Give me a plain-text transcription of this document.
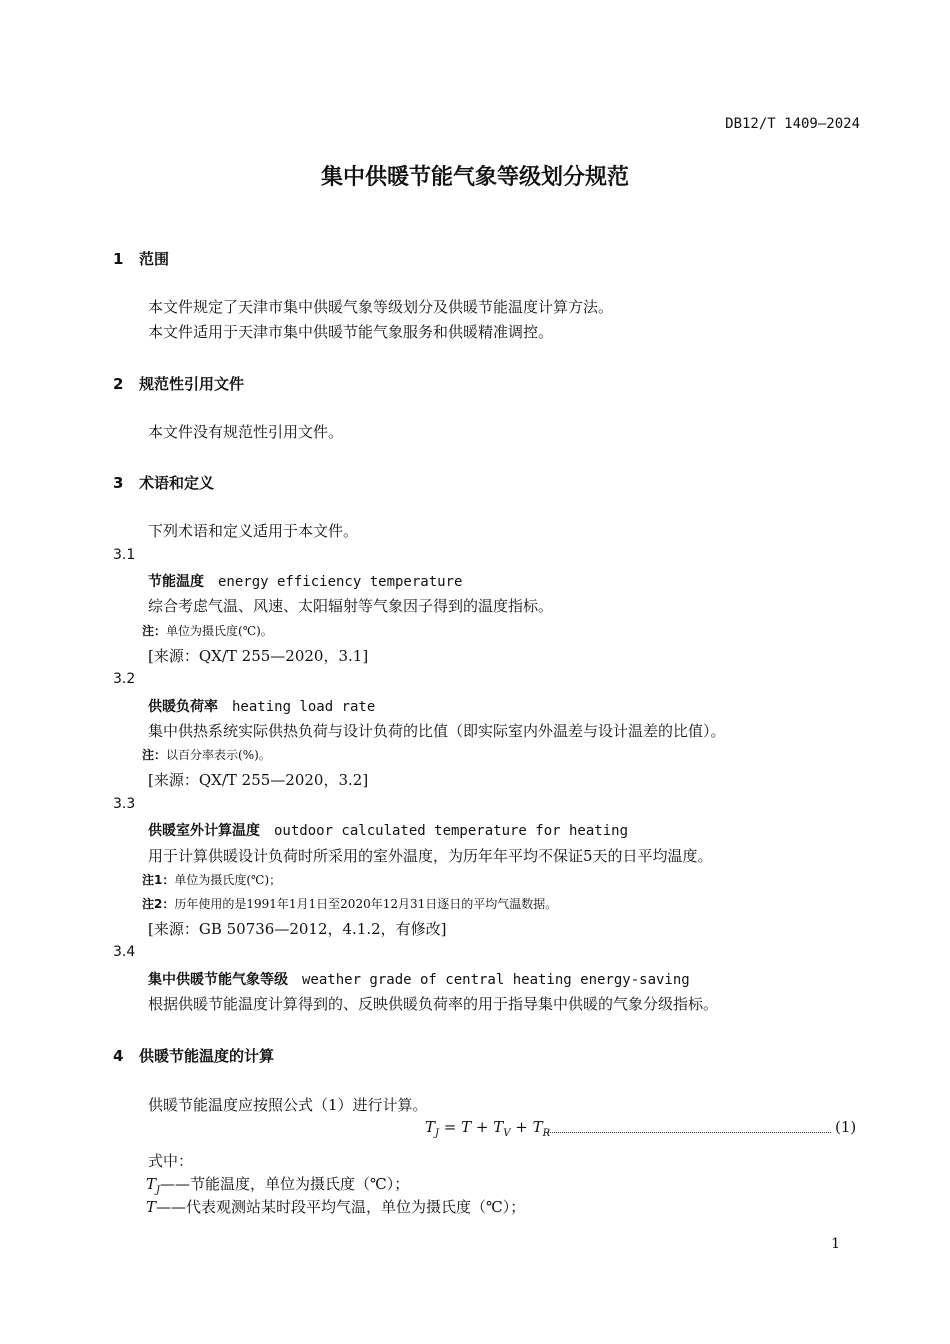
DB12/T 1409—2024
集中供暖节能气象等级划分规范
1 范围
本文件规定了天津市集中供暖气象等级划分及供暖节能温度计算方法。
本文件适用于天津市集中供暖节能气象服务和供暖精准调控。
2 规范性引用文件
本文件没有规范性引用文件。
3 术语和定义
下列术语和定义适用于本文件。
3.1
节能温度 energy efficiency temperature
综合考虑气温、风速、太阳辐射等气象因子得到的温度指标。
注：单位为摄氏度(℃)。
[来源：QX/T 255—2020，3.1]
3.2
供暖负荷率 heating load rate
集中供热系统实际供热负荷与设计负荷的比值（即实际室内外温差与设计温差的比值）。
注：以百分率表示(%)。
[来源：QX/T 255—2020，3.2]
3.3
供暖室外计算温度 outdoor calculated temperature for heating
用于计算供暖设计负荷时所采用的室外温度，为历年年平均不保证5天的日平均温度。
注1：单位为摄氏度(℃)；
注2：历年使用的是1991年1月1日至2020年12月31日逐日的平均气温数据。
[来源：GB 50736—2012，4.1.2，有修改]
3.4
集中供暖节能气象等级 weather grade of central heating energy-saving
根据供暖节能温度计算得到的、反映供暖负荷率的用于指导集中供暖的气象分级指标。
4 供暖节能温度的计算
供暖节能温度应按照公式（1）进行计算。
$T_J = T + T_V + T_R$	(1)
式中：
$T_J——$节能温度，单位为摄氏度（℃）；
T——代表观测站某时段平均气温，单位为摄氏度（℃）；
1
